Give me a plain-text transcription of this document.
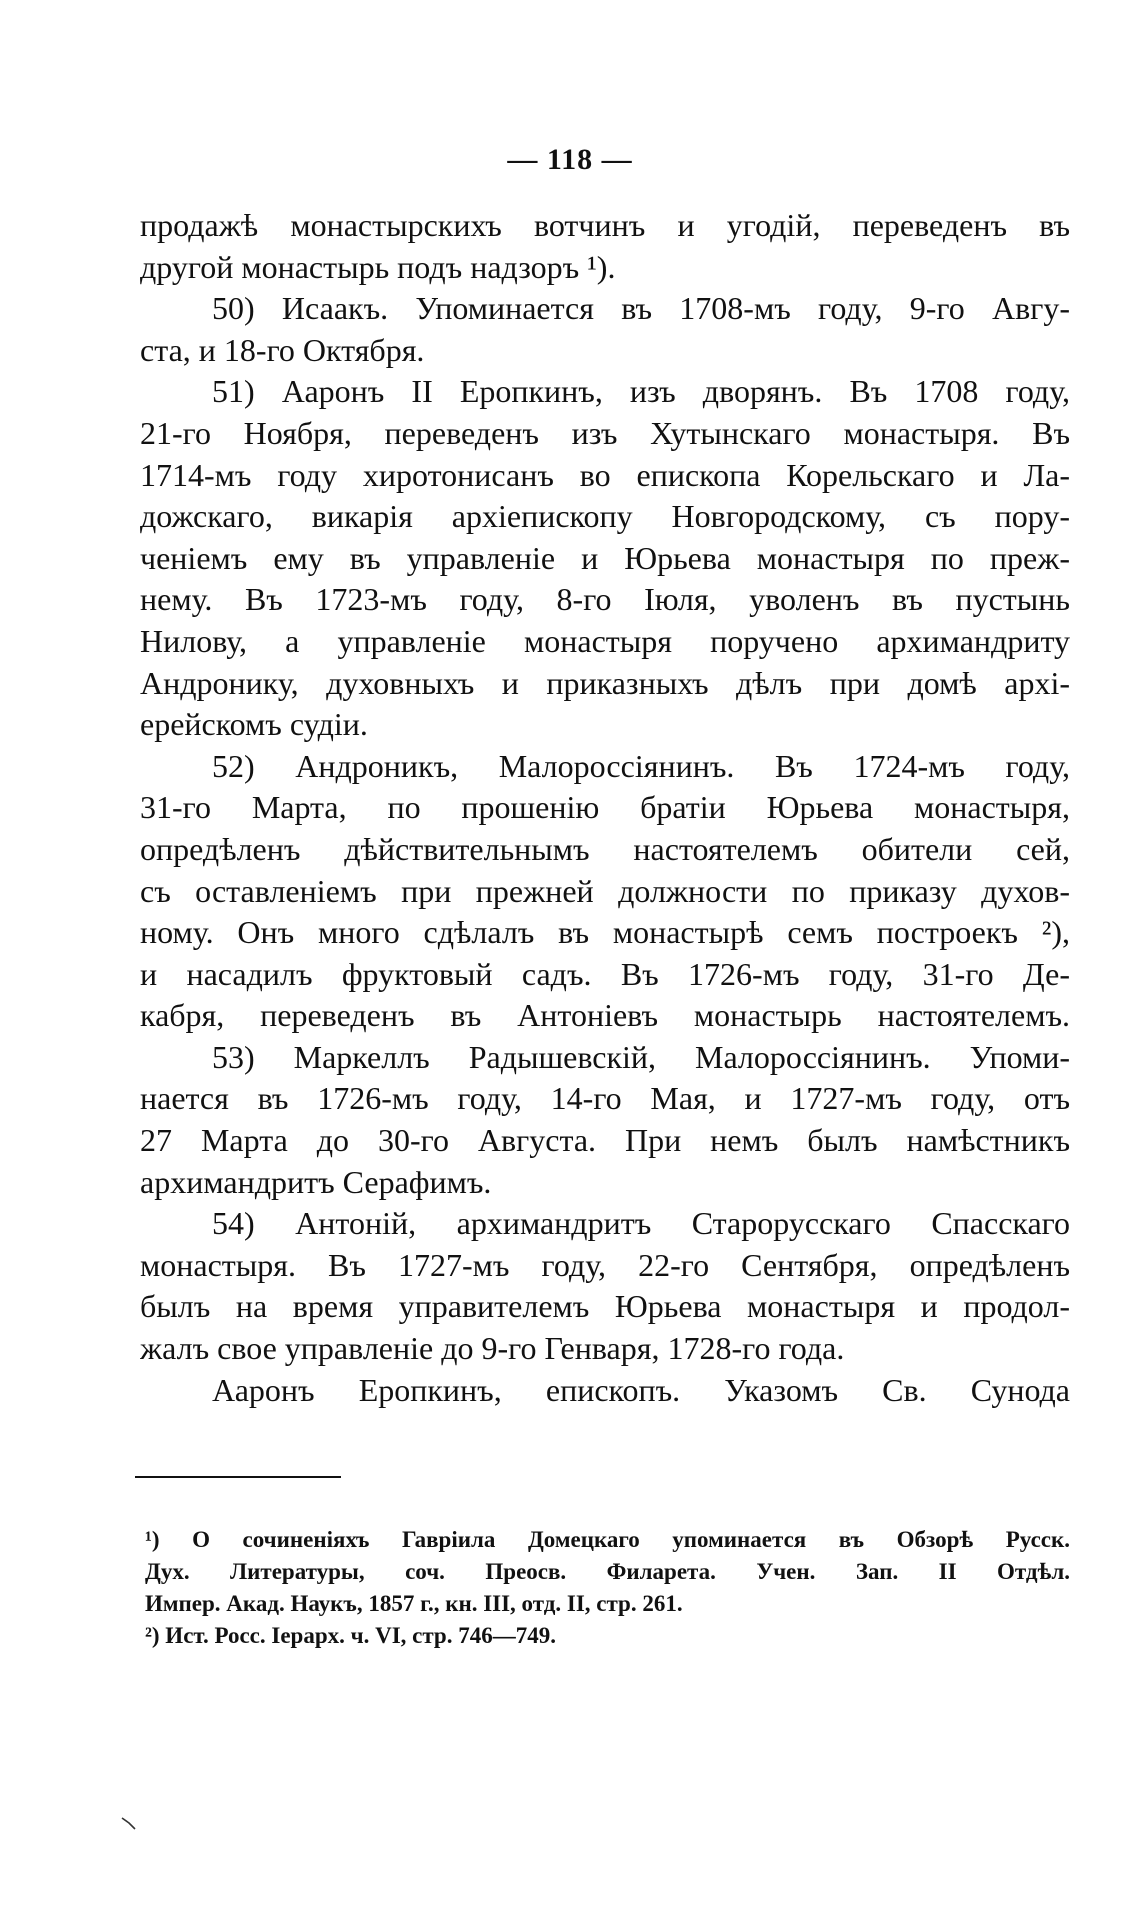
— 118 —
продажѣ монастырскихъ вотчинъ и угодій, переведенъ въ
другой монастырь подъ надзоръ ¹).
50) Исаакъ. Упоминается въ 1708-мъ году, 9-го Авгу-
ста, и 18-го Октября.
51) Ааронъ II Еропкинъ, изъ дворянъ. Въ 1708 году,
21-го Ноября, переведенъ изъ Хутынскаго монастыря. Въ
1714-мъ году хиротонисанъ во епископа Корельскаго и Ла-
дожскаго, викарія архіепископу Новгородскому, съ пору-
ченіемъ ему въ управленіе и Юрьева монастыря по преж-
нему. Въ 1723-мъ году, 8-го Іюля, уволенъ въ пустынь
Нилову, а управленіе монастыря поручено архимандриту
Андронику, духовныхъ и приказныхъ дѣлъ при домѣ архі-
ерейскомъ судіи.
52) Андроникъ, Малороссіянинъ. Въ 1724-мъ году,
31-го Марта, по прошенію братіи Юрьева монастыря,
опредѣленъ дѣйствительнымъ настоятелемъ обители сей,
съ оставленіемъ при прежней должности по приказу духов-
ному. Онъ много сдѣлалъ въ монастырѣ семъ построекъ ²),
и насадилъ фруктовый садъ. Въ 1726-мъ году, 31-го Де-
кабря, переведенъ въ Антоніевъ монастырь настоятелемъ.
53) Маркеллъ Радышевскій, Малороссіянинъ. Упоми-
нается въ 1726-мъ году, 14-го Мая, и 1727-мъ году, отъ
27 Марта до 30-го Августа. При немъ былъ намѣстникъ
архимандритъ Серафимъ.
54) Антоній, архимандритъ Старорусскаго Спасскаго
монастыря. Въ 1727-мъ году, 22-го Сентября, опредѣленъ
былъ на время управителемъ Юрьева монастыря и продол-
жалъ свое управленіе до 9-го Генваря, 1728-го года.
Ааронъ Еропкинъ, епископъ. Указомъ Св. Сунода
¹) О сочиненіяхъ Гавріила Домецкаго упоминается въ Обзорѣ Русск.
Дух. Литературы, соч. Преосв. Филарета. Учен. Зап. II Отдѣл.
Импер. Акад. Наукъ, 1857 г., кн. III, отд. II, стр. 261.
²) Ист. Росс. Іерарх. ч. VI, стр. 746—749.
